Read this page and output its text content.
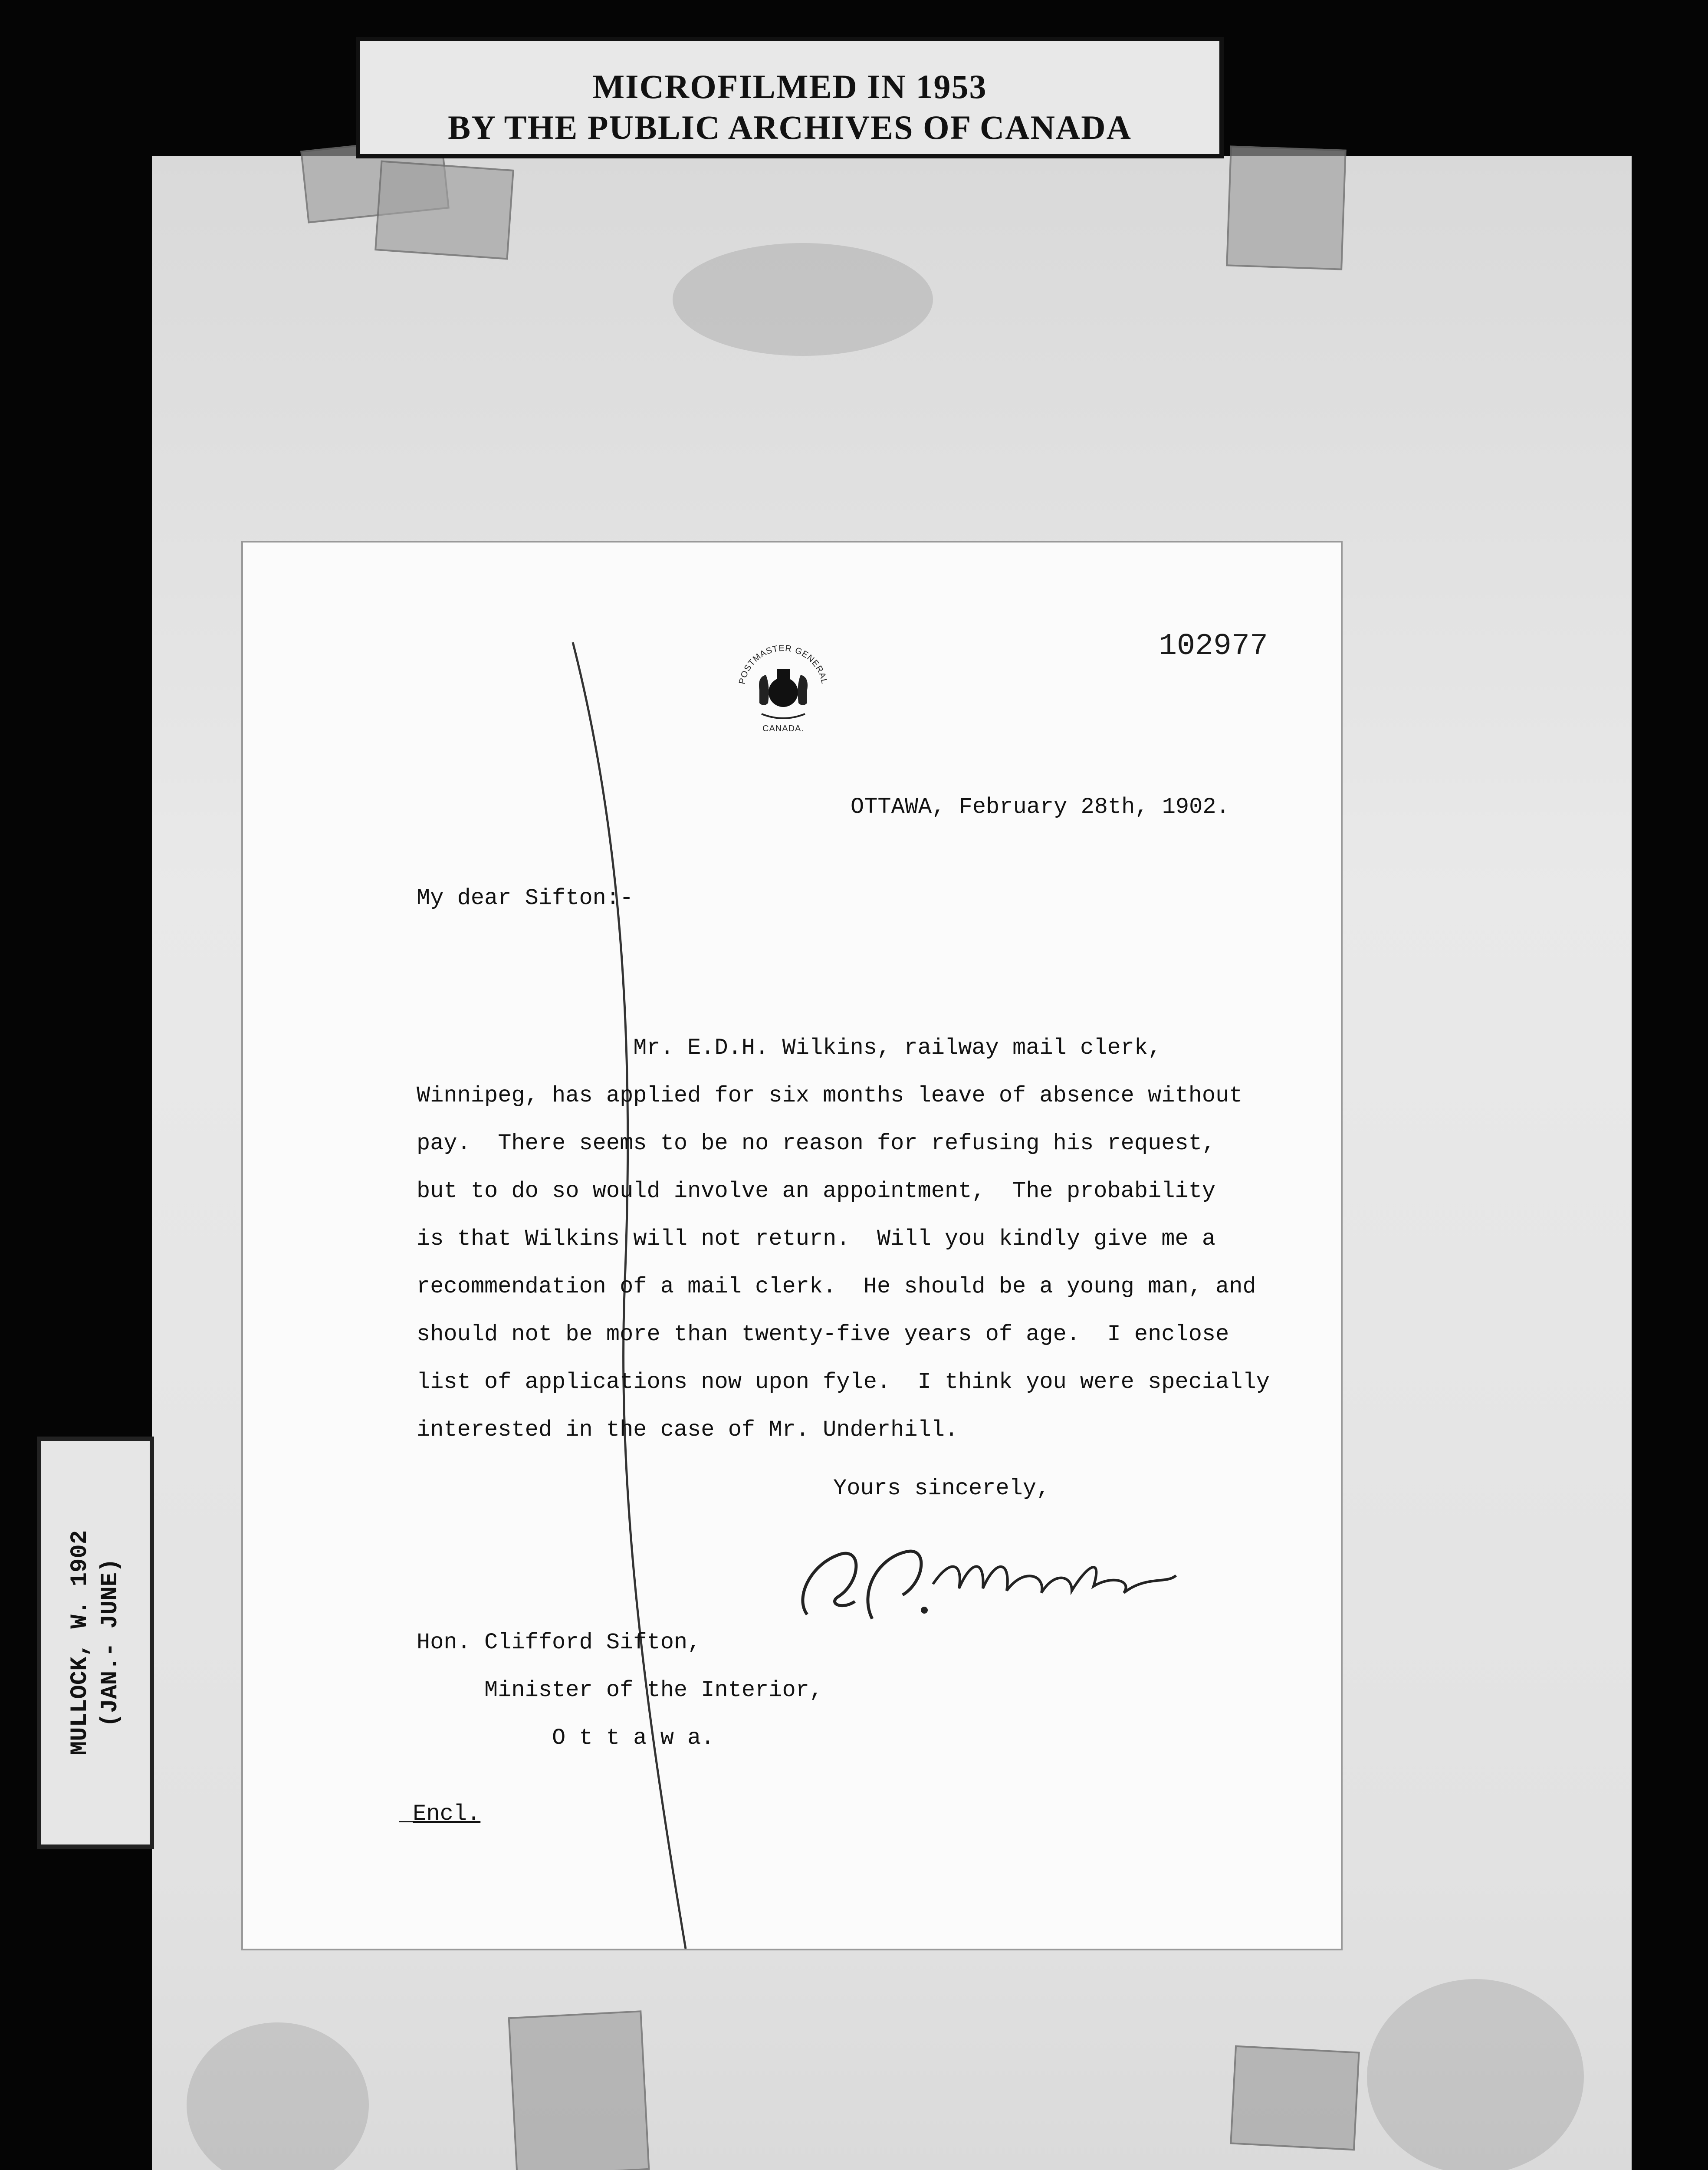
MICROFILMED IN 1953
BY THE PUBLIC ARCHIVES OF CANADA
MULLOCK, W. 1902 (JAN.- JUNE)
102977
POSTMASTER GENERAL
CANADA.
OTTAWA, February 28th, 1902.
My dear Sifton:-
Mr. E.D.H. Wilkins, railway mail clerk,
Winnipeg, has applied for six months leave of absence without
pay.  There seems to be no reason for refusing his request,
but to do so would involve an appointment,  The probability
is that Wilkins will not return.  Will you kindly give me a
recommendation of a mail clerk.  He should be a young man, and
should not be more than twenty-five years of age.  I enclose
list of applications now upon fyle.  I think you were specially
interested in the case of Mr. Underhill.
Yours sincerely,
Hon. Clifford Sifton,
Minister of the Interior,
O t t a w a.
_Encl.
